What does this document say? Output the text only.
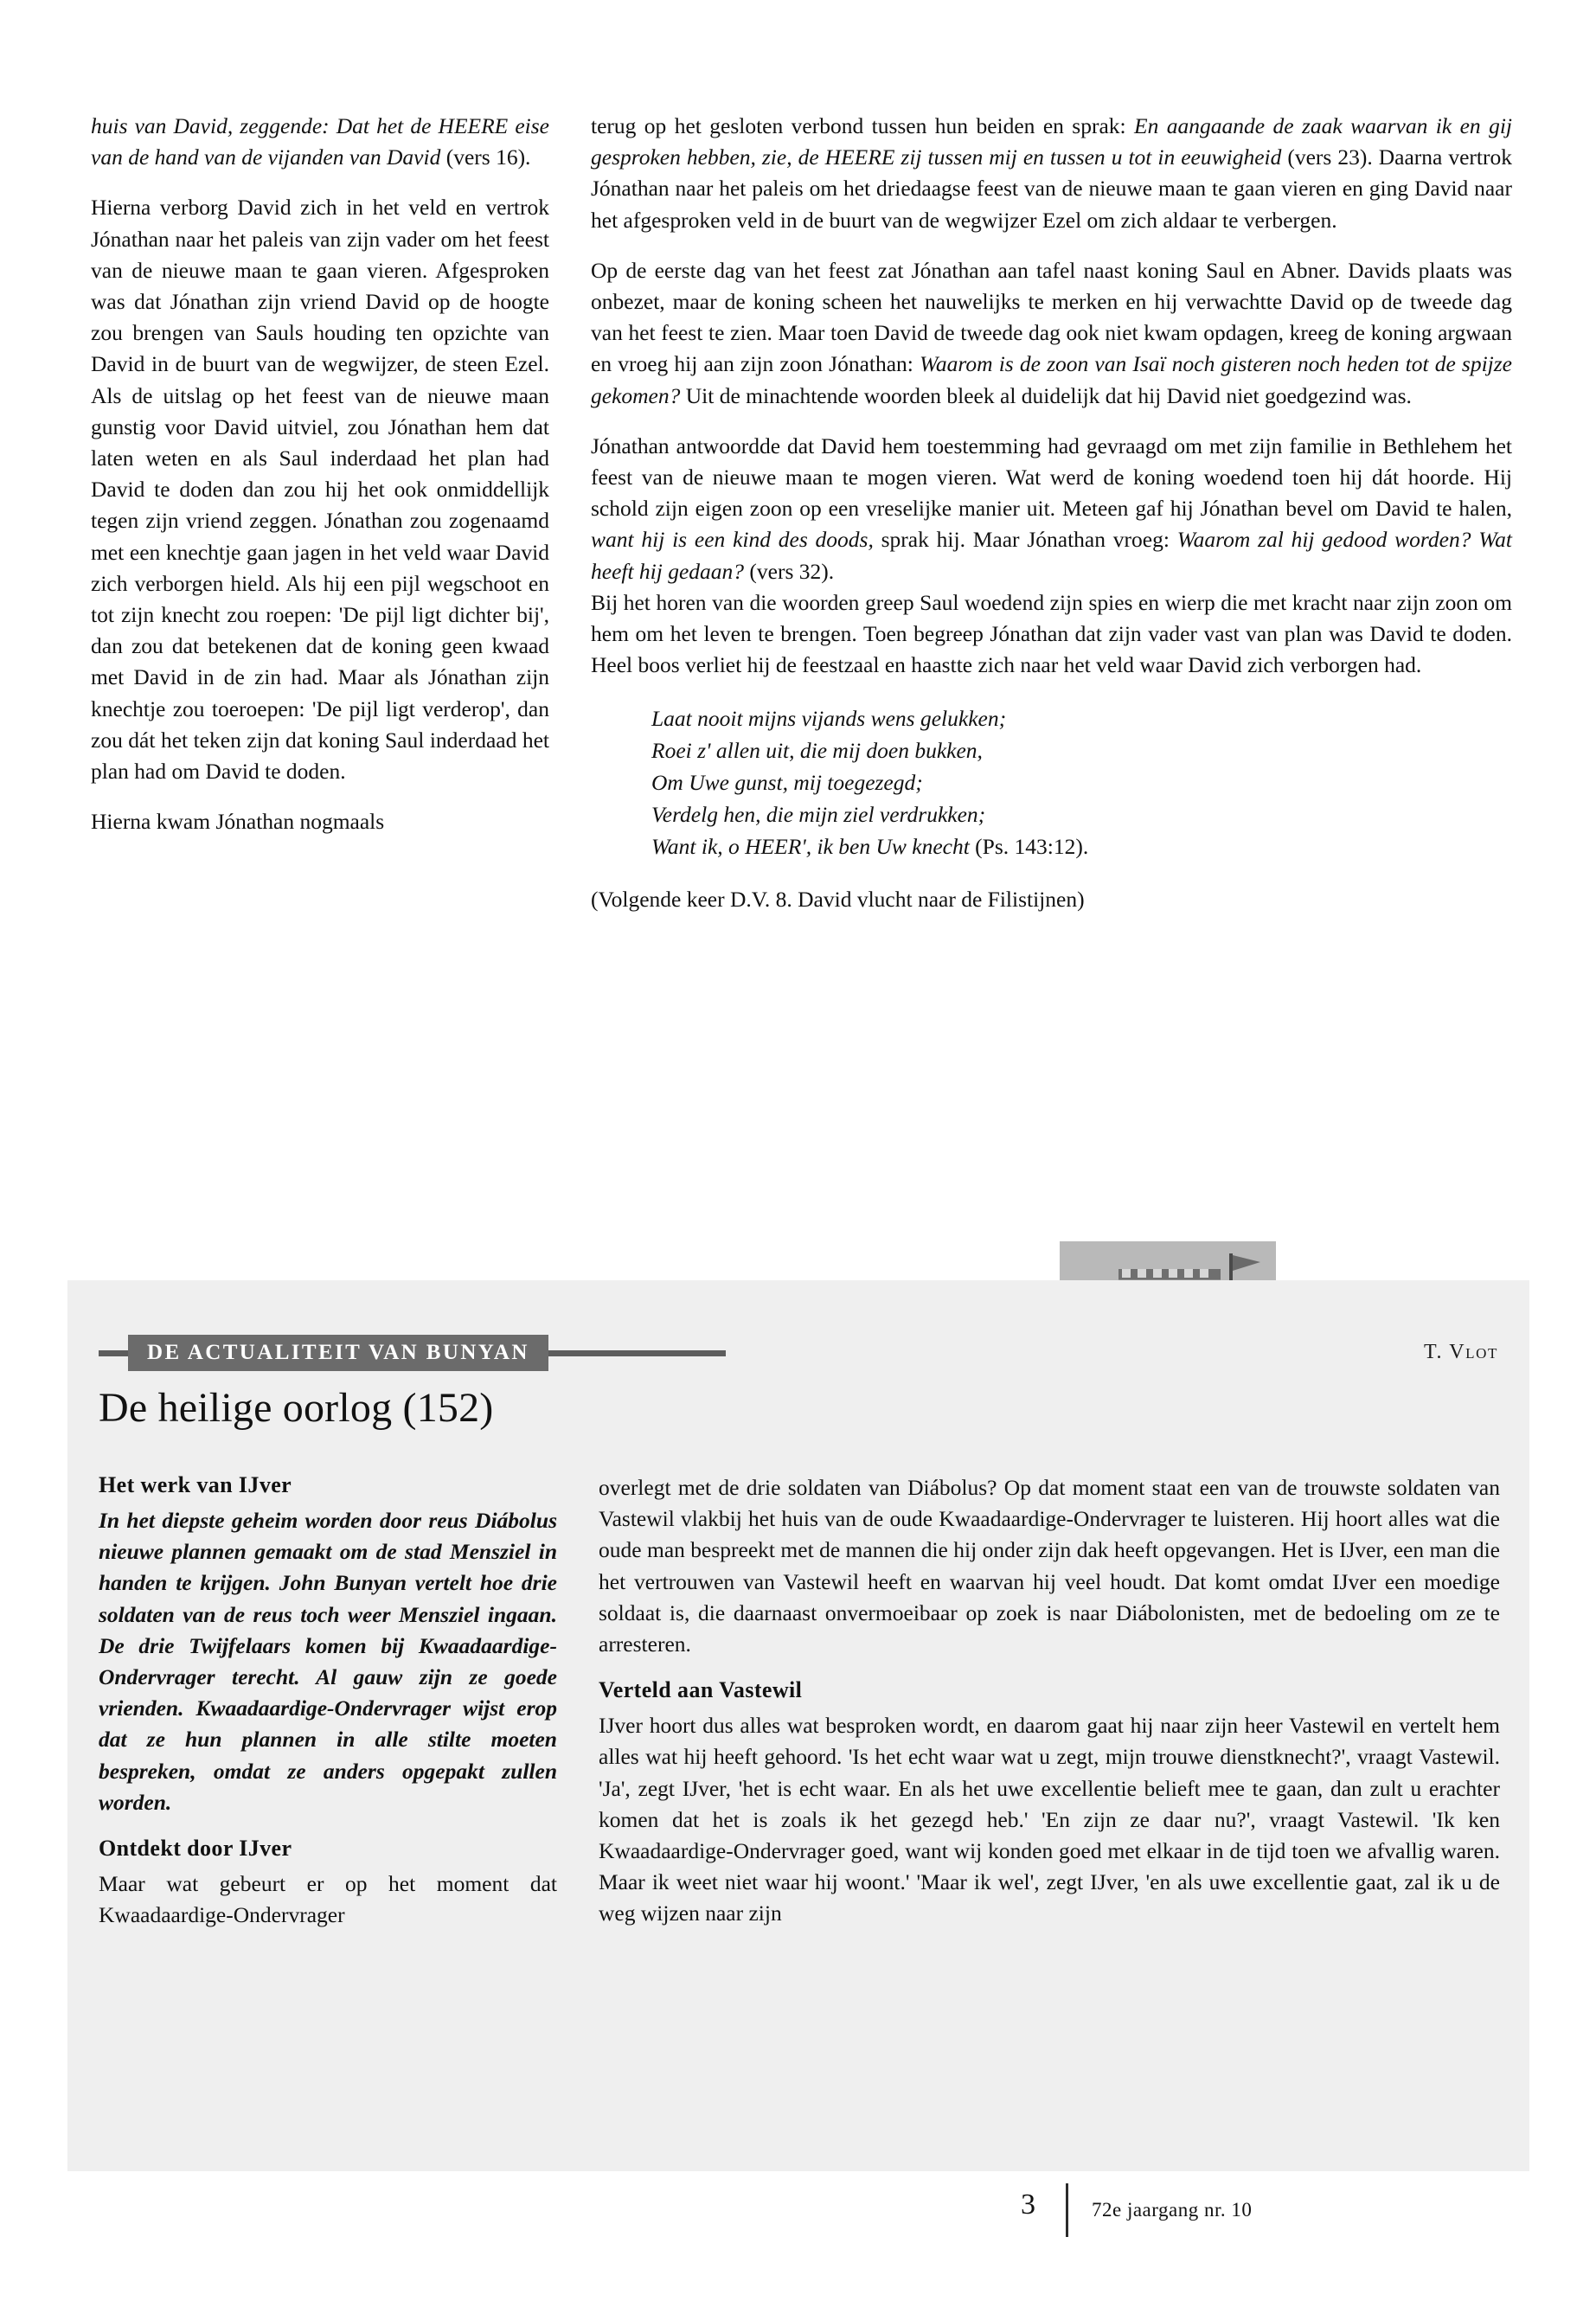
huis van David, zeggende: Dat het de HEERE eise van de hand van de vijanden van David (vers 16).

Hierna verborg David zich in het veld en vertrok Jónathan naar het paleis van zijn vader om het feest van de nieuwe maan te gaan vieren. Afgesproken was dat Jónathan zijn vriend David op de hoogte zou brengen van Sauls houding ten opzichte van David in de buurt van de wegwijzer, de steen Ezel. Als de uitslag op het feest van de nieuwe maan gunstig voor David uitviel, zou Jónathan hem dat laten weten en als Saul inderdaad het plan had David te doden dan zou hij het ook onmiddellijk tegen zijn vriend zeggen. Jónathan zou zogenaamd met een knechtje gaan jagen in het veld waar David zich verborgen hield. Als hij een pijl wegschoot en tot zijn knecht zou roepen: 'De pijl ligt dichter bij', dan zou dat betekenen dat de koning geen kwaad met David in de zin had. Maar als Jónathan zijn knechtje zou toeroepen: 'De pijl ligt verderop', dan zou dát het teken zijn dat koning Saul inderdaad het plan had om David te doden.

Hierna kwam Jónathan nogmaals

terug op het gesloten verbond tussen hun beiden en sprak: En aangaande de zaak waarvan ik en gij gesproken hebben, zie, de HEERE zij tussen mij en tussen u tot in eeuwigheid (vers 23). Daarna vertrok Jónathan naar het paleis om het driedaagse feest van de nieuwe maan te gaan vieren en ging David naar het afgesproken veld in de buurt van de wegwijzer Ezel om zich aldaar te verbergen.

Op de eerste dag van het feest zat Jónathan aan tafel naast koning Saul en Abner. Davids plaats was onbezet, maar de koning scheen het nauwelijks te merken en hij verwachtte David op de tweede dag van het feest te zien. Maar toen David de tweede dag ook niet kwam opdagen, kreeg de koning argwaan en vroeg hij aan zijn zoon Jónathan: Waarom is de zoon van Isaï noch gisteren noch heden tot de spijze gekomen? Uit de minachtende woorden bleek al duidelijk dat hij David niet goedgezind was.

Jónathan antwoordde dat David hem toestemming had gevraagd om met zijn familie in Bethlehem het feest van de nieuwe maan te mogen vieren. Wat werd de koning woedend toen hij dát hoorde. Hij schold zijn eigen zoon op een vreselijke manier uit. Meteen gaf hij Jónathan bevel om David te halen, want hij is een kind des doods, sprak hij. Maar Jónathan vroeg: Waarom zal hij gedood worden? Wat heeft hij gedaan? (vers 32).

Bij het horen van die woorden greep Saul woedend zijn spies en wierp die met kracht naar zijn zoon om hem om het leven te brengen. Toen begreep Jónathan dat zijn vader vast van plan was David te doden. Heel boos verliet hij de feestzaal en haastte zich naar het veld waar David zich verborgen had.

Laat nooit mijns vijands wens gelukken;
Roei z' allen uit, die mij doen bukken,
Om Uwe gunst, mij toegezegd;
Verdelg hen, die mijn ziel verdrukken;
Want ik, o HEER', ik ben Uw knecht (Ps. 143:12).

(Volgende keer D.V. 8. David vlucht naar de Filistijnen)

DE ACTUALITEIT VAN BUNYAN	T. Vlot
De heilige oorlog (152)
Het werk van IJver

In het diepste geheim worden door reus Diábolus nieuwe plannen gemaakt om de stad Mensziel in handen te krijgen. John Bunyan vertelt hoe drie soldaten van de reus toch weer Mensziel ingaan. De drie Twijfelaars komen bij Kwaadaardige-Ondervrager terecht. Al gauw zijn ze goede vrienden. Kwaadaardige-Ondervrager wijst erop dat ze hun plannen in alle stilte moeten bespreken, omdat ze anders opgepakt zullen worden.

Ontdekt door IJver

Maar wat gebeurt er op het moment dat Kwaadaardige-Ondervrager

overlegt met de drie soldaten van Diábolus? Op dat moment staat een van de trouwste soldaten van Vastewil vlakbij het huis van de oude Kwaadaardige-Ondervrager te luisteren. Hij hoort alles wat die oude man bespreekt met de mannen die hij onder zijn dak heeft opgevangen. Het is IJver, een man die het vertrouwen van Vastewil heeft en waarvan hij veel houdt. Dat komt omdat IJver een moedige soldaat is, die daarnaast onvermoeibaar op zoek is naar Diábolonisten, met de bedoeling om ze te arresteren.

Verteld aan Vastewil

IJver hoort dus alles wat besproken wordt, en daarom gaat hij naar zijn heer Vastewil en vertelt hem alles wat hij heeft gehoord. 'Is het echt waar wat u zegt, mijn trouwe dienstknecht?', vraagt Vastewil. 'Ja', zegt IJver, 'het is echt waar. En als het uwe excellentie belieft mee te gaan, dan zult u erachter komen dat het is zoals ik het gezegd heb.' 'En zijn ze daar nu?', vraagt Vastewil. 'Ik ken Kwaadaardige-Ondervrager goed, want wij konden goed met elkaar in de tijd toen we afvallig waren. Maar ik weet niet waar hij woont.' 'Maar ik wel', zegt IJver, 'en als uwe excellentie gaat, zal ik u de weg wijzen naar zijn

3	72e jaargang nr. 10
